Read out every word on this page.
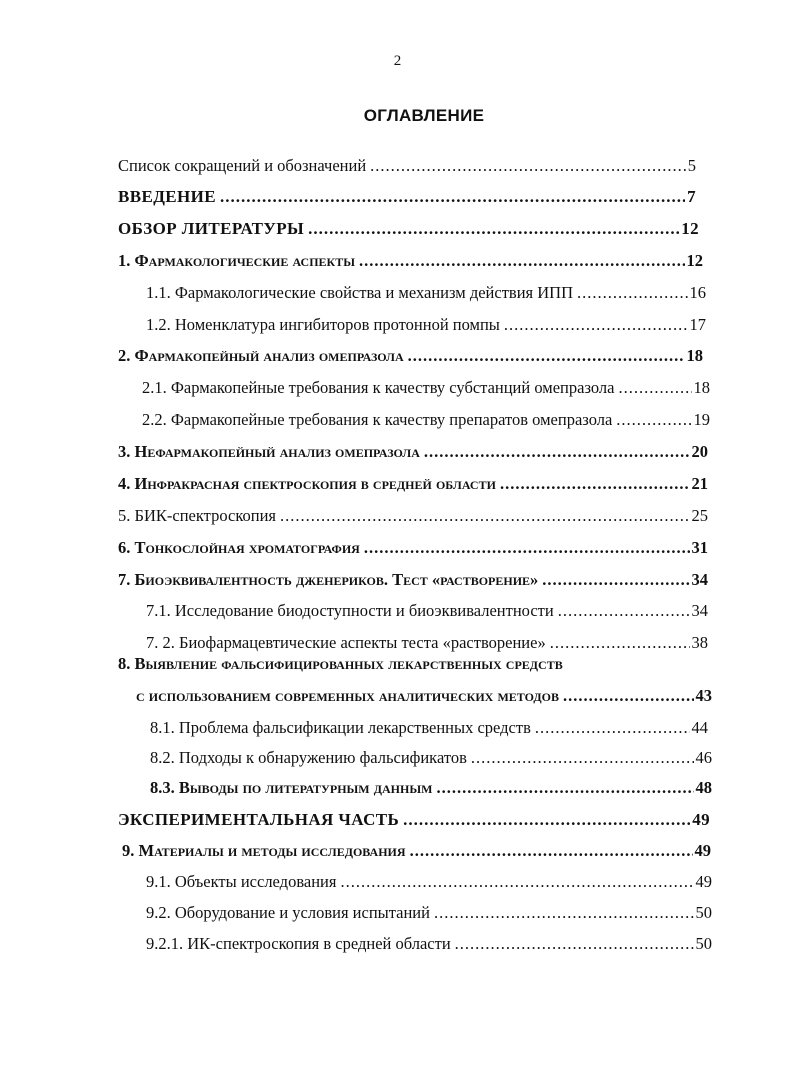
2
ОГЛАВЛЕНИЕ
Список сокращений и обозначений .....	5
ВВЕДЕНИЕ .....	7
ОБЗОР ЛИТЕРАТУРЫ .....	12
1. Фармакологические аспекты .....	12
1.1. Фармакологические свойства и механизм действия ИПП .....	16
1.2. Номенклатура ингибиторов протонной помпы .....	17
2. Фармакопейный анализ омепразола .....	18
2.1. Фармакопейные требования к качеству субстанций омепразола .....	18
2.2. Фармакопейные требования к качеству препаратов омепразола .....	19
3. Нефармакопейный анализ омепразола .....	20
4. Инфракрасная спектроскопия в средней области .....	21
5. БИК-спектроскопия .....	25
6. Тонкослойная хроматография .....	31
7. Биоэквивалентность дженериков. Тест «растворение» .....	34
7.1. Исследование биодоступности и биоэквивалентности .....	34
7. 2. Биофармацевтические аспекты теста «растворение» .....	38
8. Выявление фальсифицированных лекарственных средств
с использованием современных аналитических методов .....	43
8.1. Проблема фальсификации лекарственных средств .....	44
8.2. Подходы к обнаружению фальсификатов .....	46
8.3. Выводы по литературным данным .....	48
ЭКСПЕРИМЕНТАЛЬНАЯ ЧАСТЬ .....	49
9. Материалы и методы исследования .....	49
9.1. Объекты исследования .....	49
9.2. Оборудование и условия испытаний .....	50
9.2.1. ИК-спектроскопия в средней области .....	50
